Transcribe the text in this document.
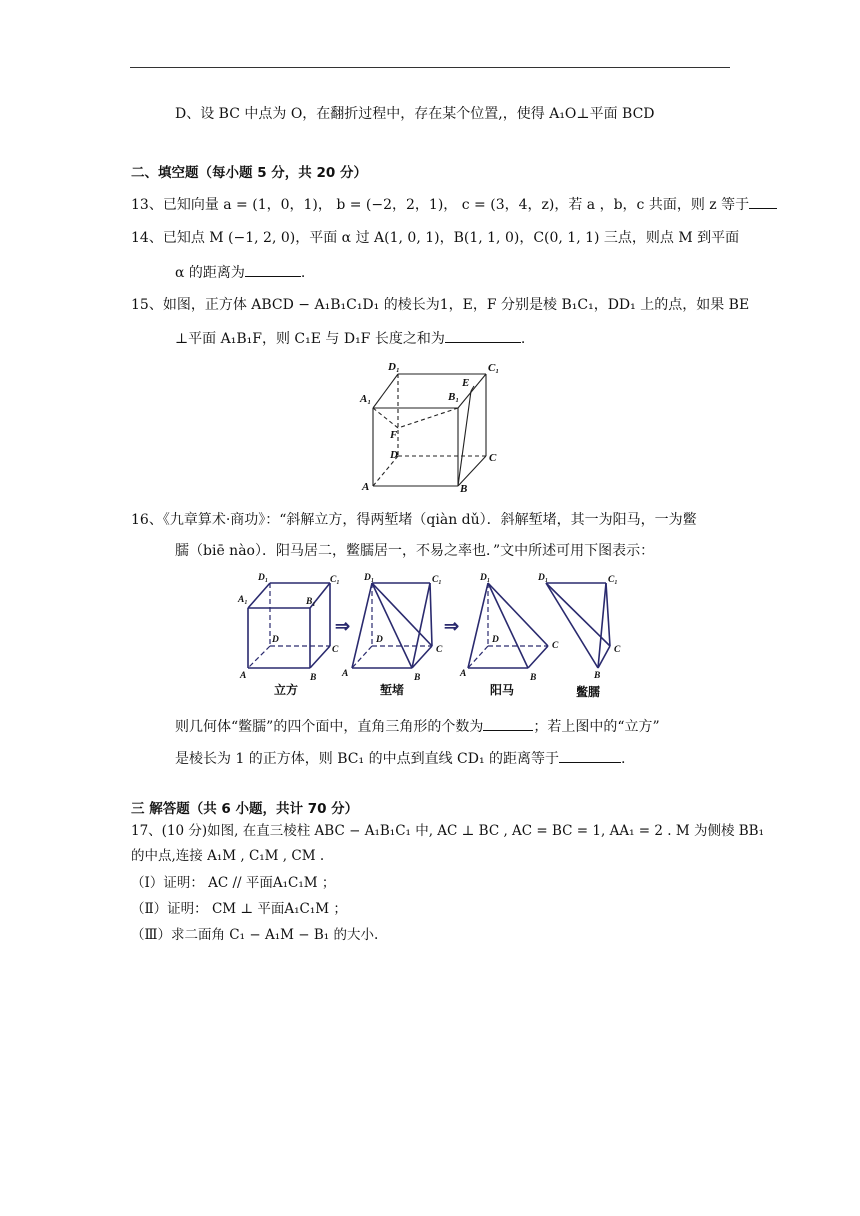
D、设 BC 中点为 O，在翻折过程中，存在某个位置,，使得 A₁O⊥平面 BCD
二、填空题（每小题 5 分，共 20 分）
13、已知向量 a = (1，0，1)， b = (−2，2，1)， c = (3，4，z)，若 a ，b，c 共面，则 z 等于
14、已知点 M (−1, 2, 0)，平面 α 过 A(1, 0, 1)，B(1, 1, 0)，C(0, 1, 1) 三点，则点 M 到平面
α 的距离为	.
15、如图，正方体 ABCD − A₁B₁C₁D₁ 的棱长为1，E，F 分别是棱 B₁C₁，DD₁ 上的点，如果 BE
⊥平面 A₁B₁F，则 C₁E 与 D₁F 长度之和为	.
D₁	C₁
A₁	B₁
E
F
D	C
A	B
16、《九章算术·商功》：“斜解立方，得两堑堵（qiàn dǔ）．斜解堑堵，其一为阳马，一为鳖
臑（biē nào）．阳马居二，鳖臑居一，不易之率也．”文中所述可用下图表示：
⇒	⇒
D₁	C₁
A₁	B₁
D
C
A	B
D₁	C₁
D
C
A	B
D₁
D
C
A	B
D₁	C₁
C
B
立方	堑堵	阳马	鳖臑
则几何体“鳖臑”的四个面中，直角三角形的个数为	；若上图中的“立方”
是棱长为 1 的正方体，则 BC₁ 的中点到直线 CD₁ 的距离等于	.
三 解答题（共 6 小题，共计 70 分）
17、(10 分)如图, 在直三棱柱 ABC − A₁B₁C₁ 中, AC ⊥ BC , AC = BC = 1, AA₁ = 2 . M 为侧棱 BB₁
的中点,连接 A₁M , C₁M , CM .
（Ⅰ）证明： AC // 平面A₁C₁M ；
（Ⅱ）证明： CM ⊥ 平面A₁C₁M ；
（Ⅲ）求二面角 C₁ − A₁M − B₁ 的大小.
